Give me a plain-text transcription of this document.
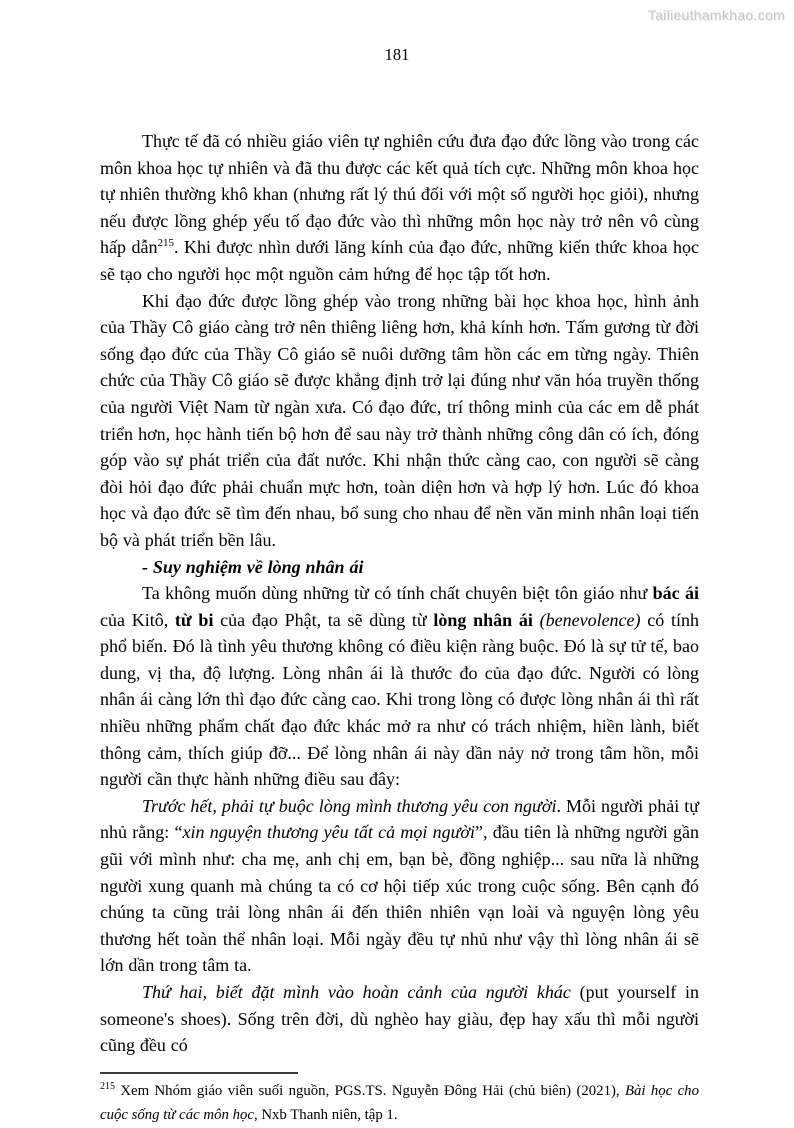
Tailieuthamkhao.com
181

Thực tế đã có nhiều giáo viên tự nghiên cứu đưa đạo đức lồng vào trong các môn khoa học tự nhiên và đã thu được các kết quả tích cực. Những môn khoa học tự nhiên thường khô khan (nhưng rất lý thú đối với một số người học giỏi), nhưng nếu được lồng ghép yếu tố đạo đức vào thì những môn học này trở nên vô cùng hấp dẫn$^{215}$. Khi được nhìn dưới lăng kính của đạo đức, những kiến thức khoa học sẽ tạo cho người học một nguồn cảm hứng để học tập tốt hơn.

Khi đạo đức được lồng ghép vào trong những bài học khoa học, hình ảnh của Thầy Cô giáo càng trở nên thiêng liêng hơn, khả kính hơn. Tấm gương từ đời sống đạo đức của Thầy Cô giáo sẽ nuôi dưỡng tâm hồn các em từng ngày. Thiên chức của Thầy Cô giáo sẽ được khẳng định trở lại đúng như văn hóa truyền thống của người Việt Nam từ ngàn xưa. Có đạo đức, trí thông minh của các em dễ phát triển hơn, học hành tiến bộ hơn để sau này trở thành những công dân có ích, đóng góp vào sự phát triển của đất nước. Khi nhận thức càng cao, con người sẽ càng đòi hỏi đạo đức phải chuẩn mực hơn, toàn diện hơn và hợp lý hơn. Lúc đó khoa học và đạo đức sẽ tìm đến nhau, bổ sung cho nhau để nền văn minh nhân loại tiến bộ và phát triển bền lâu.

- Suy nghiệm về lòng nhân ái

Ta không muốn dùng những từ có tính chất chuyên biệt tôn giáo như bác ái của Kitô, từ bi của đạo Phật, ta sẽ dùng từ lòng nhân ái (benevolence) có tính phổ biến. Đó là tình yêu thương không có điều kiện ràng buộc. Đó là sự tử tế, bao dung, vị tha, độ lượng. Lòng nhân ái là thước đo của đạo đức. Người có lòng nhân ái càng lớn thì đạo đức càng cao. Khi trong lòng có được lòng nhân ái thì rất nhiều những phẩm chất đạo đức khác mở ra như có trách nhiệm, hiền lành, biết thông cảm, thích giúp đỡ... Để lòng nhân ái này dần nảy nở trong tâm hồn, mỗi người cần thực hành những điều sau đây:

Trước hết, phải tự buộc lòng mình thương yêu con người. Mỗi người phải tự nhủ rằng: “xin nguyện thương yêu tất cả mọi người”, đầu tiên là những người gần gũi với mình như: cha mẹ, anh chị em, bạn bè, đồng nghiệp... sau nữa là những người xung quanh mà chúng ta có cơ hội tiếp xúc trong cuộc sống. Bên cạnh đó chúng ta cũng trải lòng nhân ái đến thiên nhiên vạn loài và nguyện lòng yêu thương hết toàn thể nhân loại. Mỗi ngày đều tự nhủ như vậy thì lòng nhân ái sẽ lớn dần trong tâm ta.

Thứ hai, biết đặt mình vào hoàn cảnh của người khác (put yourself in someone's shoes). Sống trên đời, dù nghèo hay giàu, đẹp hay xấu thì mỗi người cũng đều có

$^{215}$ Xem Nhóm giáo viên suối nguồn, PGS.TS. Nguyễn Đông Hải (chủ biên) (2021), Bài học cho cuộc sống từ các môn học, Nxb Thanh niên, tập 1.
